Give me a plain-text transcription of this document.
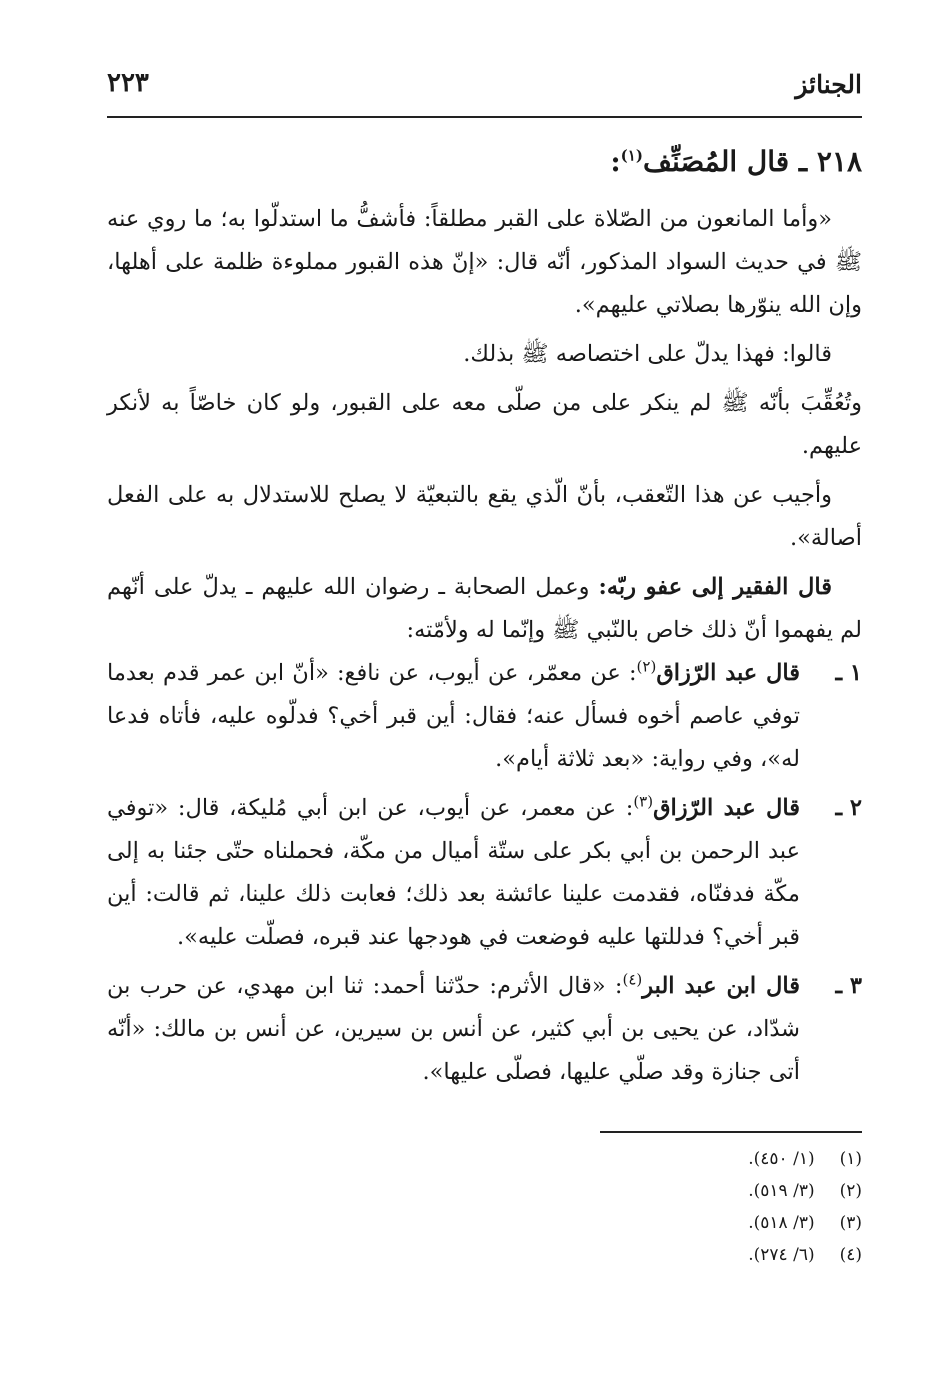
الجنائز
٢٢٣
٢١٨ ـ قال المُصَنِّف$^{(١)}$:

«وأما المانعون من الصّلاة على القبر مطلقاً: فأشفُّ ما استدلّوا به؛ ما روي عنه ﷺ في حديث السواد المذكور، أنّه قال: «إنّ هذه القبور مملوءة ظلمة على أهلها، وإن الله ينوّرها بصلاتي عليهم».

قالوا: فهذا يدلّ على اختصاصه ﷺ بذلك.

وتُعُقِّبَ بأنّه ﷺ لم ينكر على من صلّى معه على القبور، ولو كان خاصّاً به لأنكر عليهم.

وأجيب عن هذا التّعقب، بأنّ الّذي يقع بالتبعيّة لا يصلح للاستدلال به على الفعل أصالة».

قال الفقير إلى عفو ربّه: وعمل الصحابة ـ رضوان الله عليهم ـ يدلّ على أنّهم لم يفهموا أنّ ذلك خاص بالنّبي ﷺ وإنّما له ولأمّته:

١ ـ
قال عبد الرّزاق$^{(٢)}$: عن معمّر، عن أيوب، عن نافع: «أنّ ابن عمر قدم بعدما توفي عاصم أخوه فسأل عنه؛ فقال: أين قبر أخي؟ فدلّوه عليه، فأتاه فدعا له»، وفي رواية: «بعد ثلاثة أيام».
٢ ـ
قال عبد الرّزاق$^{(٣)}$: عن معمر، عن أيوب، عن ابن أبي مُليكة، قال: «توفي عبد الرحمن بن أبي بكر على ستّة أميال من مكّة، فحملناه حتّى جئنا به إلى مكّة فدفنّاه، فقدمت علينا عائشة بعد ذلك؛ فعابت ذلك علينا، ثم قالت: أين قبر أخي؟ فدللتها عليه فوضعت في هودجها عند قبره، فصلّت عليه».
٣ ـ
قال ابن عبد البر$^{(٤)}$: «قال الأثرم: حدّثنا أحمد: ثنا ابن مهدي، عن حرب بن شدّاد، عن يحيى بن أبي كثير، عن أنس بن سيرين، عن أنس بن مالك: «أنّه أتى جنازة وقد صلّي عليها، فصلّى عليها».

(١) (١/ ٤٥٠).

(٢) (٣/ ٥١٩).

(٣) (٣/ ٥١٨).

(٤) (٦/ ٢٧٤).
